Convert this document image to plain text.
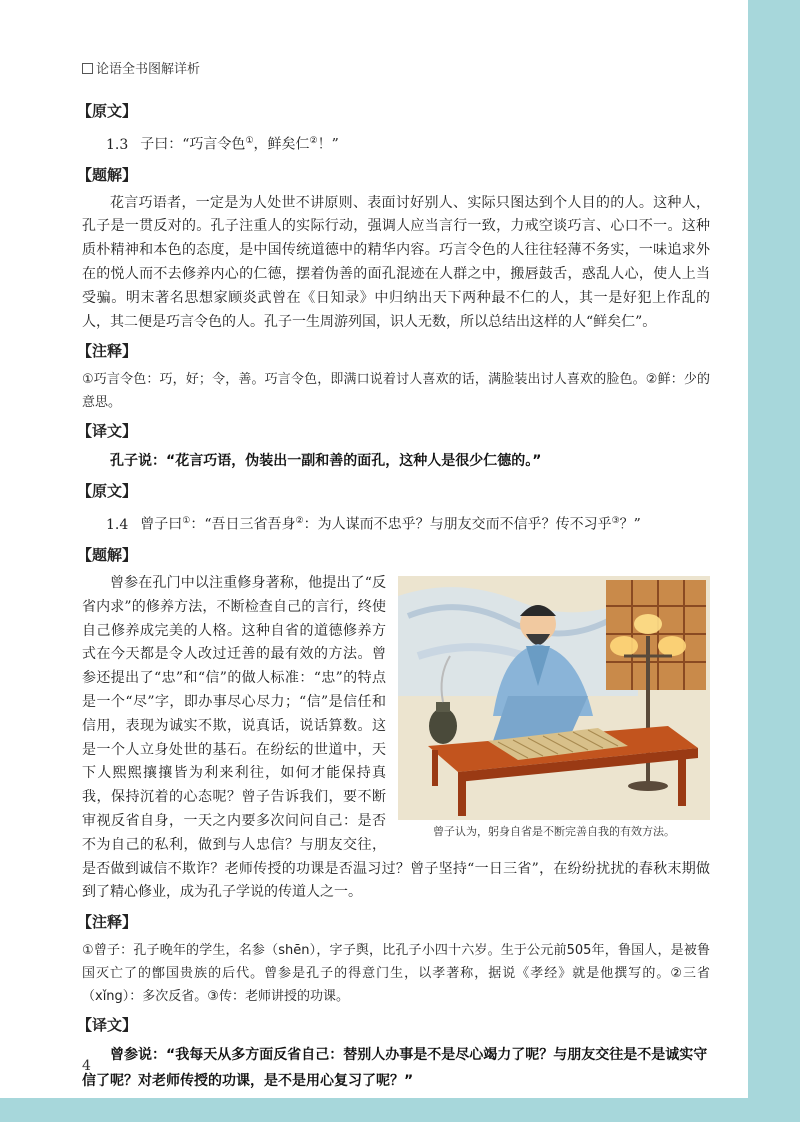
论语全书图解详析
【原文】

1.3 子曰：“巧言令色①，鲜矣仁②！”

【题解】

花言巧语者，一定是为人处世不讲原则、表面讨好别人、实际只图达到个人目的的人。这种人，孔子是一贯反对的。孔子注重人的实际行动，强调人应当言行一致，力戒空谈巧言、心口不一。这种质朴精神和本色的态度，是中国传统道德中的精华内容。巧言令色的人往往轻薄不务实，一味追求外在的悦人而不去修养内心的仁德，摆着伪善的面孔混迹在人群之中，搬唇鼓舌，惑乱人心，使人上当受骗。明末著名思想家顾炎武曾在《日知录》中归纳出天下两种最不仁的人，其一是好犯上作乱的人，其二便是巧言令色的人。孔子一生周游列国，识人无数，所以总结出这样的人“鲜矣仁”。

【注释】

①巧言令色：巧，好；令，善。巧言令色，即满口说着讨人喜欢的话，满脸装出讨人喜欢的脸色。②鲜：少的意思。

【译文】

孔子说：“花言巧语，伪装出一副和善的面孔，这种人是很少仁德的。”

【原文】

1.4 曾子曰①：“吾日三省吾身②：为人谋而不忠乎？与朋友交而不信乎？传不习乎③？”

【题解】
曾子认为，躬身自省是不断完善自我的有效方法。

曾参在孔门中以注重修身著称，他提出了“反省内求”的修养方法，不断检查自己的言行，终使自己修养成完美的人格。这种自省的道德修养方式在今天都是令人改过迁善的最有效的方法。曾参还提出了“忠”和“信”的做人标准：“忠”的特点是一个“尽”字，即办事尽心尽力；“信”是信任和信用，表现为诚实不欺，说真话，说话算数。这是一个人立身处世的基石。在纷纭的世道中，天下人熙熙攘攘皆为利来利往，如何才能保持真我，保持沉着的心态呢？曾子告诉我们，要不断审视反省自身，一天之内要多次问问自己：是否不为自己的私利，做到与人忠信？与朋友交往，是否做到诚信不欺诈？老师传授的功课是否温习过？曾子坚持“一日三省”，在纷纷扰扰的春秋末期做到了精心修业，成为孔子学说的传道人之一。

【注释】

①曾子：孔子晚年的学生，名参（shēn），字子舆，比孔子小四十六岁。生于公元前505年，鲁国人，是被鲁国灭亡了的鄫国贵族的后代。曾参是孔子的得意门生，以孝著称，据说《孝经》就是他撰写的。②三省（xǐng）：多次反省。③传：老师讲授的功课。

【译文】

曾参说：“我每天从多方面反省自己：替别人办事是不是尽心竭力了呢？与朋友交往是不是诚实守信了呢？对老师传授的功课，是不是用心复习了呢？”

4
